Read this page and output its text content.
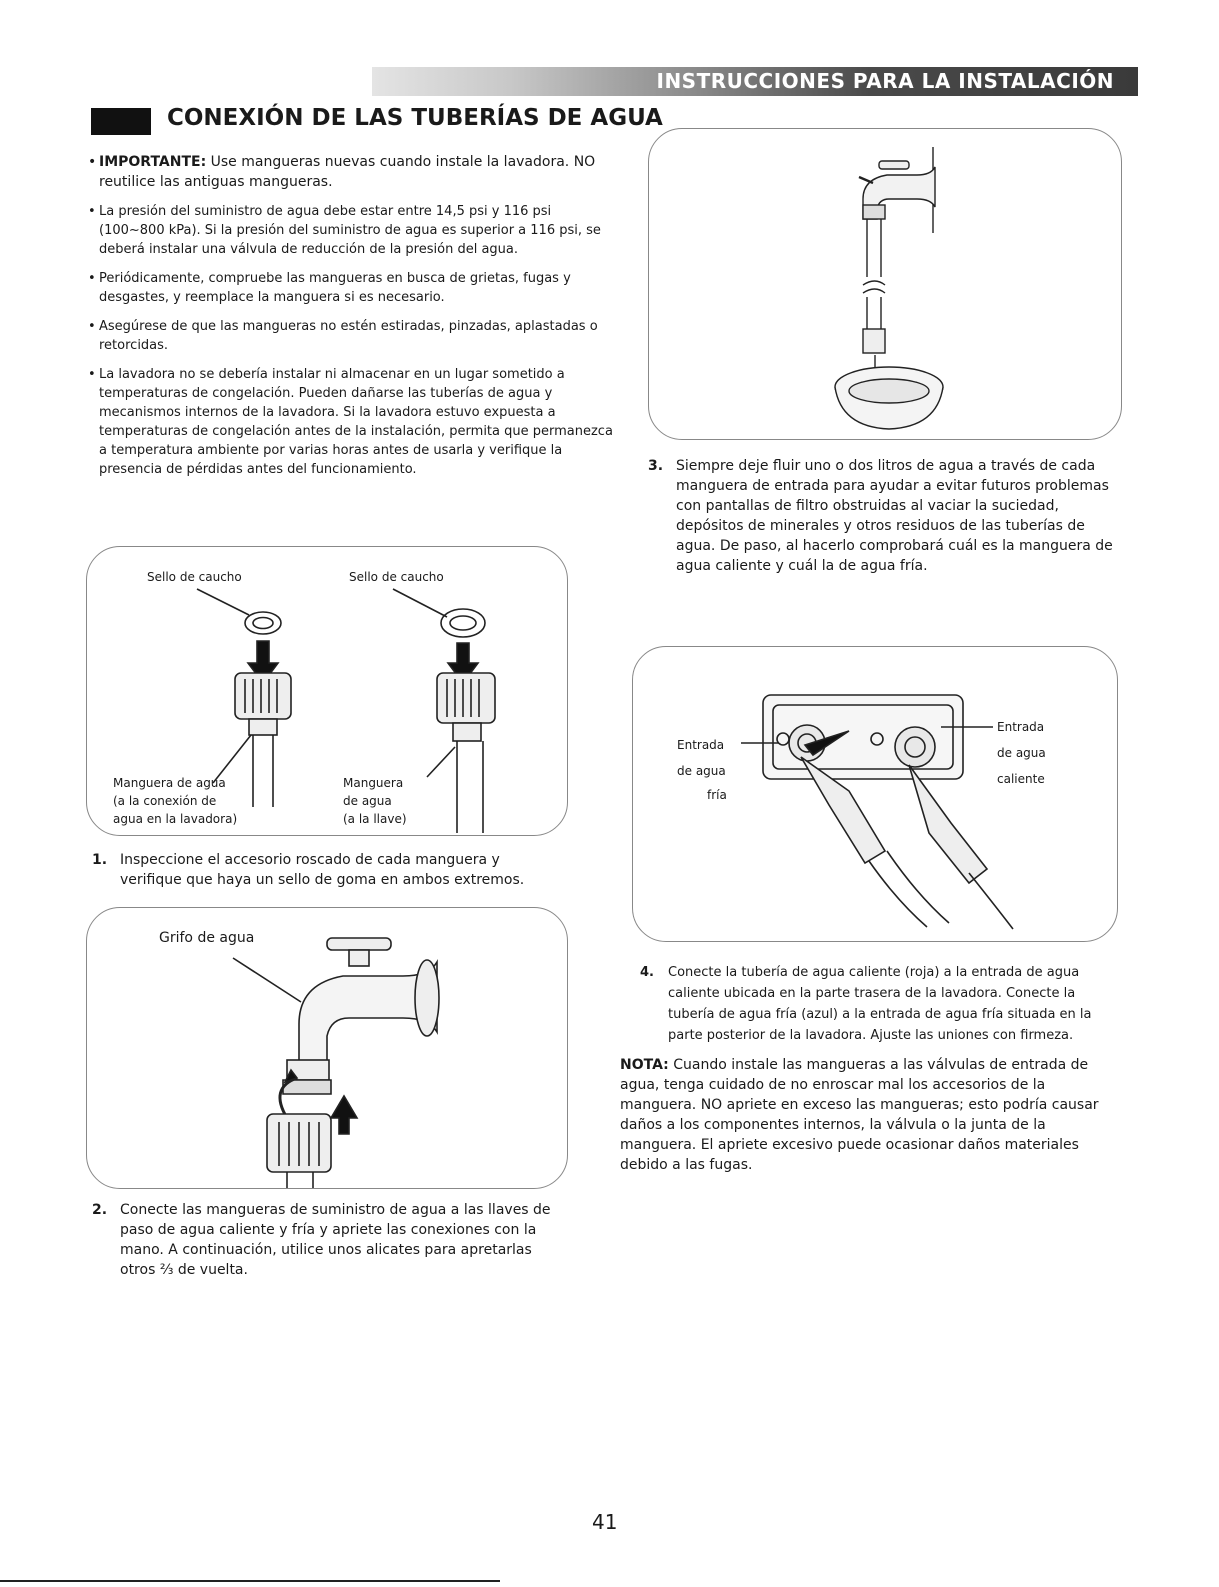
INSTRUCCIONES PARA LA INSTALACIÓN
CONEXIÓN DE LAS TUBERÍAS DE AGUA
• IMPORTANTE: Use mangueras nuevas cuando instale la lavadora. NO reutilice las antiguas mangueras.
• La presión del suministro de agua debe estar entre 14,5 psi y 116 psi (100~800 kPa). Si la presión del suministro de agua es superior a 116 psi, se deberá instalar una válvula de reducción de la presión del agua.
• Periódicamente, compruebe las mangueras en busca de grietas, fugas y desgastes, y reemplace la manguera si es necesario.
• Asegúrese de que las mangueras no estén estiradas, pinzadas, aplastadas o retorcidas.
• La lavadora no se debería instalar ni almacenar en un lugar sometido a temperaturas de congelación. Pueden dañarse las tuberías de agua y mecanismos internos de la lavadora. Si la lavadora estuvo expuesta a temperaturas de congelación antes de la instalación, permita que permanezca a temperatura ambiente por varias horas antes de usarla y verifique la presencia de pérdidas antes del funcionamiento.
Sello de caucho	Sello de caucho
Manguera de agua
(a la conexión de
agua en la lavadora)
Manguera
de agua
(a la llave)
1. Inspeccione el accesorio roscado de cada manguera y verifique que haya un sello de goma en ambos extremos.
Grifo de agua
2. Conecte las mangueras de suministro de agua a las llaves de paso de agua caliente y fría y apriete las conexiones con la mano. A continuación, utilice unos alicates para apretarlas otros ⅔ de vuelta.
3. Siempre deje fluir uno o dos litros de agua a través de cada manguera de entrada para ayudar a evitar futuros problemas con pantallas de filtro obstruidas al vaciar la suciedad, depósitos de minerales y otros residuos de las tuberías de agua. De paso, al hacerlo comprobará cuál es la manguera de agua caliente y cuál la de agua fría.
Entrada
de agua
fría
Entrada
de agua
caliente
4. Conecte la tubería de agua caliente (roja) a la entrada de agua caliente ubicada en la parte trasera de la lavadora. Conecte la tubería de agua fría (azul) a la entrada de agua fría situada en la parte posterior de la lavadora. Ajuste las uniones con firmeza.
NOTA: Cuando instale las mangueras a las válvulas de entrada de agua, tenga cuidado de no enroscar mal los accesorios de la manguera. NO apriete en exceso las mangueras; esto podría causar daños a los componentes internos, la válvula o la junta de la manguera. El apriete excesivo puede ocasionar daños materiales debido a las fugas.
41
